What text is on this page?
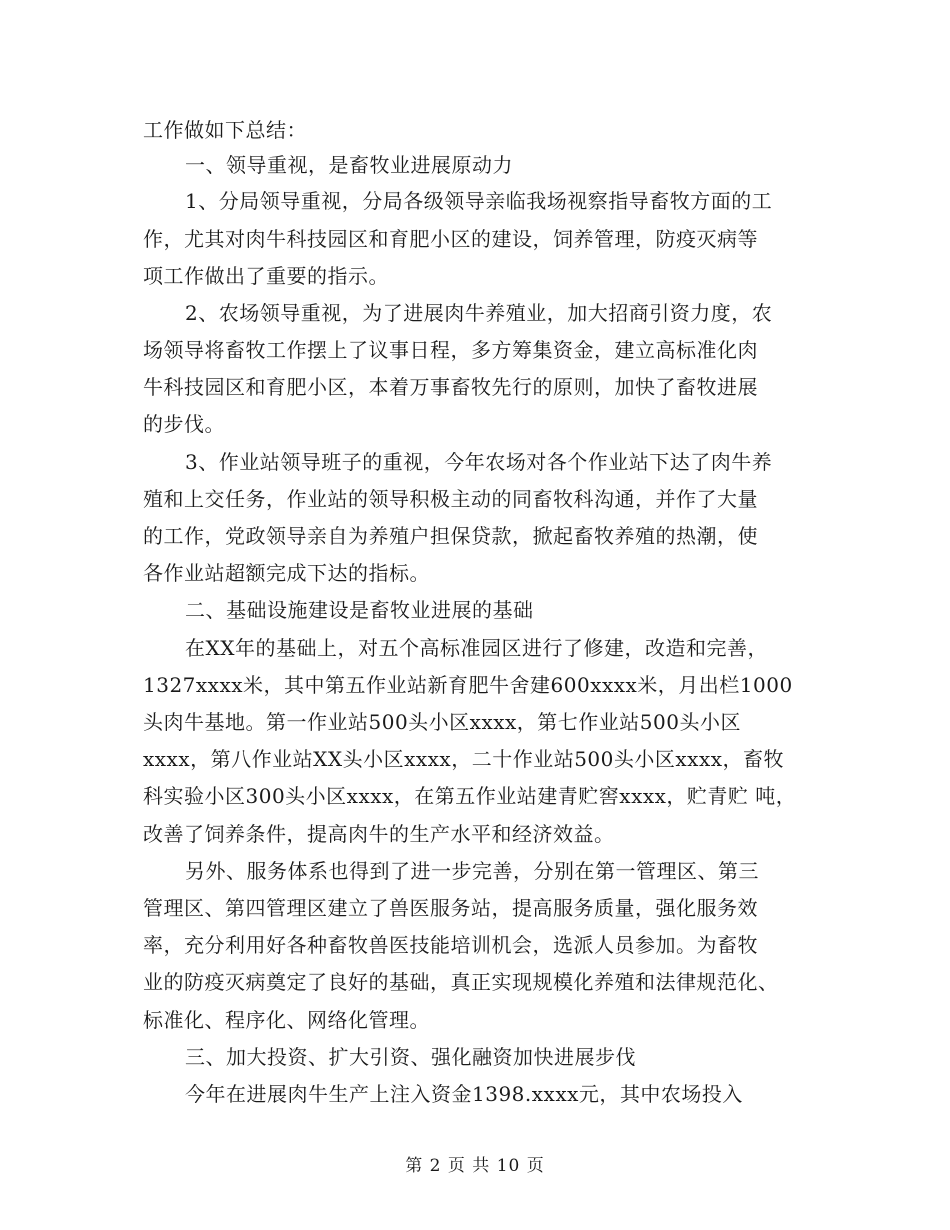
工作做如下总结：
一、领导重视，是畜牧业进展原动力
1、分局领导重视，分局各级领导亲临我场视察指导畜牧方面的工
作，尤其对肉牛科技园区和育肥小区的建设，饲养管理，防疫灭病等
项工作做出了重要的指示。
2、农场领导重视，为了进展肉牛养殖业，加大招商引资力度，农
场领导将畜牧工作摆上了议事日程，多方筹集资金，建立高标准化肉
牛科技园区和育肥小区，本着万事畜牧先行的原则，加快了畜牧进展
的步伐。
3、作业站领导班子的重视，今年农场对各个作业站下达了肉牛养
殖和上交任务，作业站的领导积极主动的同畜牧科沟通，并作了大量
的工作，党政领导亲自为养殖户担保贷款，掀起畜牧养殖的热潮，使
各作业站超额完成下达的指标。
二、基础设施建设是畜牧业进展的基础
在XX年的基础上，对五个高标准园区进行了修建，改造和完善，
1327xxxx米，其中第五作业站新育肥牛舍建600xxxx米，月出栏1000
头肉牛基地。第一作业站500头小区xxxx，第七作业站500头小区
xxxx，第八作业站XX头小区xxxx，二十作业站500头小区xxxx，畜牧
科实验小区300头小区xxxx，在第五作业站建青贮窖xxxx，贮青贮 吨，
改善了饲养条件，提高肉牛的生产水平和经济效益。
另外、服务体系也得到了进一步完善，分别在第一管理区、第三
管理区、第四管理区建立了兽医服务站，提高服务质量，强化服务效
率，充分利用好各种畜牧兽医技能培训机会，选派人员参加。为畜牧
业的防疫灭病奠定了良好的基础，真正实现规模化养殖和法律规范化、
标准化、程序化、网络化管理。
三、加大投资、扩大引资、强化融资加快进展步伐
今年在进展肉牛生产上注入资金1398.xxxx元，其中农场投入
第 2 页 共 10 页
